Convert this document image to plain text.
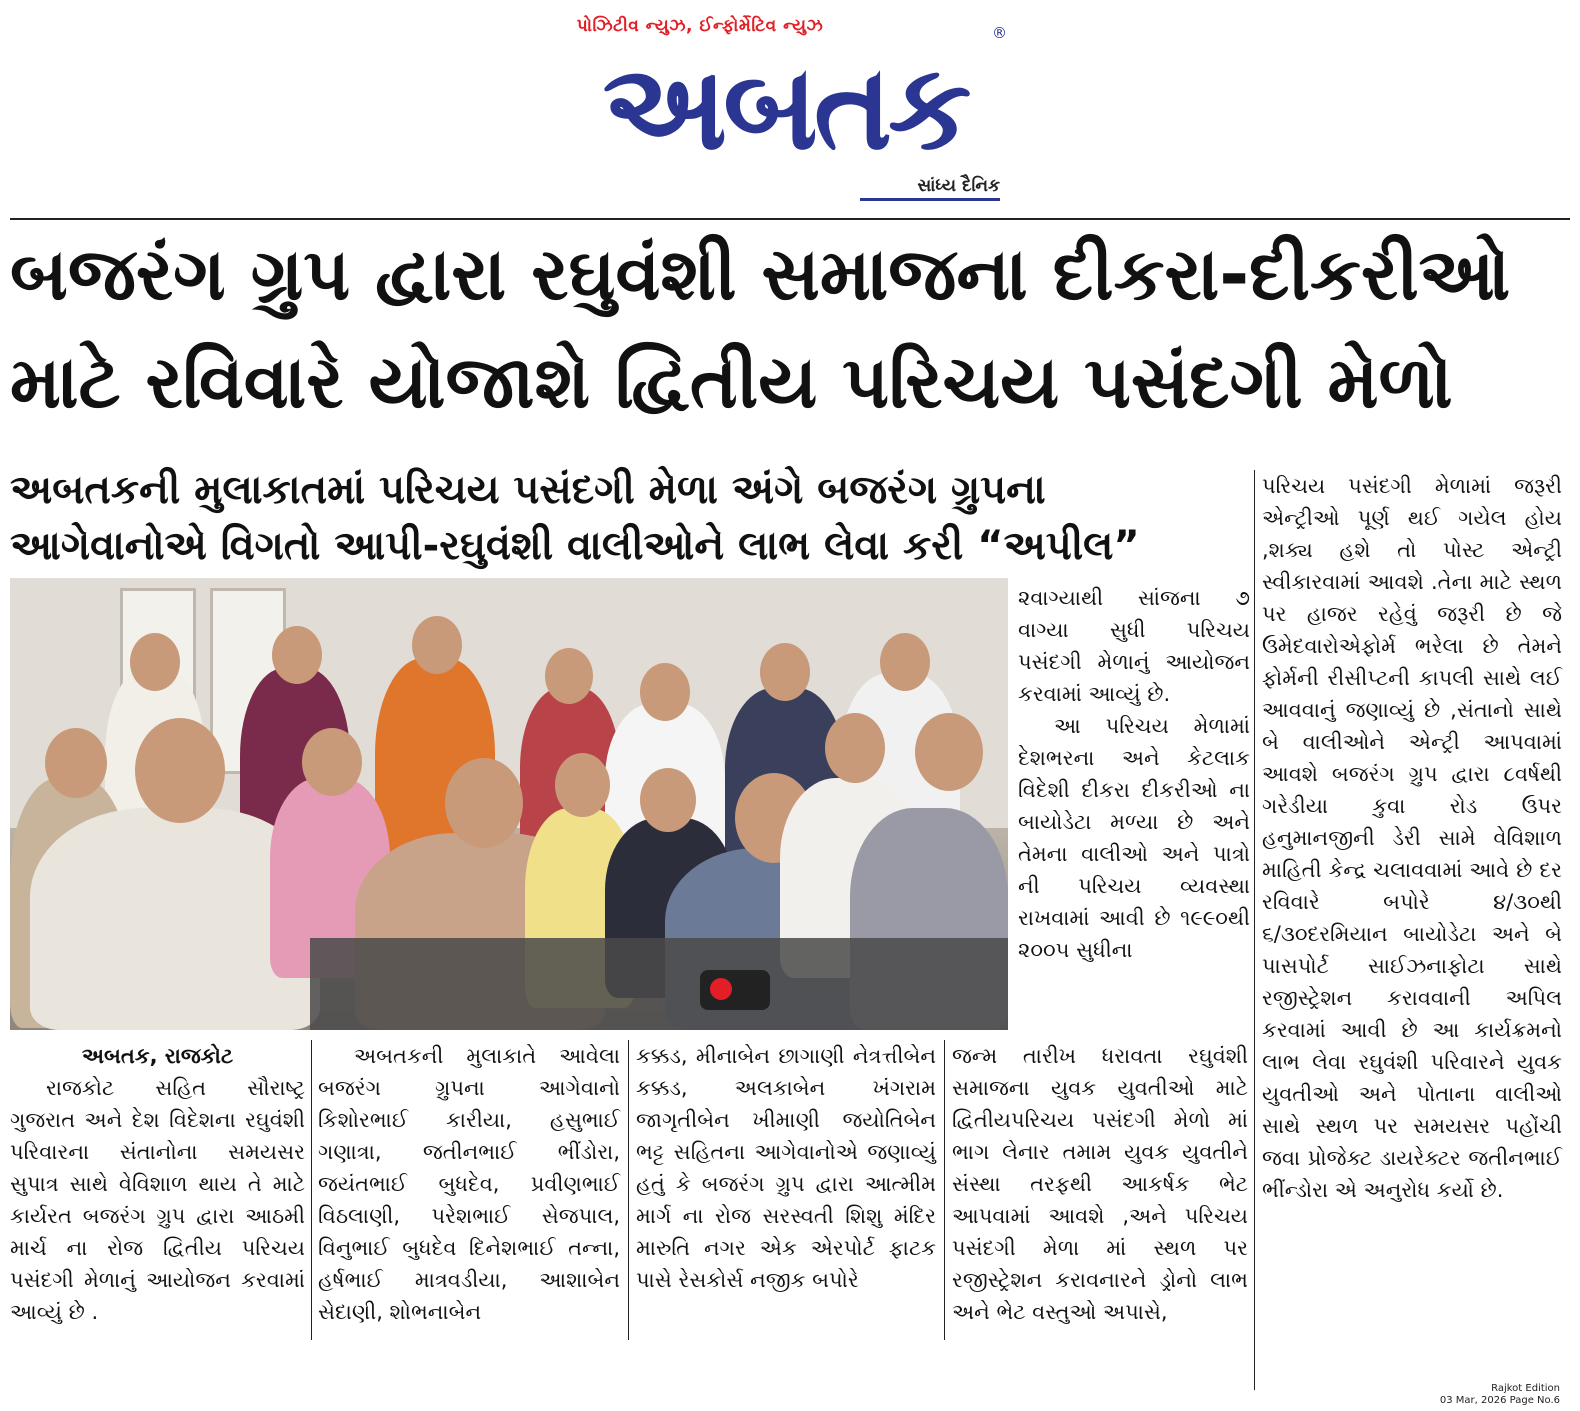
પોઝિટીવ ન્યુઝ, ઈન્ફોર્મેટિવ ન્યુઝ
અબતક
®
સાંધ્ય દૈનિક
બજરંગ ગ્રુપ દ્વારા રઘુવંશી સમાજના દીકરા-દીકરીઓ
માટે રવિવારે યોજાશે દ્વિતીય પરિચય પસંદગી મેળો
અબતકની મુલાકાતમાં પરિચય પસંદગી મેળા અંગે બજરંગ ગ્રુપના
આગેવાનોએ વિગતો આપી-રઘુવંશી વાલીઓને લાભ લેવા કરી “અપીલ”

૨વાગ્યાથી સાંજના ૭ વાગ્યા સુધી પરિચય પસંદગી મેળાનું આયોજન કરવામાં આવ્યું છે.

આ પરિચય મેળામાં દેશભરના અને કેટલાક વિદેશી દીકરા દીકરીઓ ના બાયોડેટા મળ્યા છે અને તેમના વાલીઓ અને પાત્રો ની પરિચય વ્યવસ્થા રાખવામાં આવી છે ૧૯૯૦થી ૨૦૦૫ સુધીના

પરિચય પસંદગી મેળામાં જરૂરી એન્ટ્રીઓ પૂર્ણ થઈ ગયેલ હોય ,શક્ય હશે તો પોસ્ટ એન્ટ્રી સ્વીકારવામાં આવશે .તેના માટે સ્થળ પર હાજર રહેવું જરૂરી છે જે ઉમેદવારોએફોર્મ ભરેલા છે તેમને ફોર્મની રીસીપ્ટની કાપલી સાથે લઈ આવવાનું જણાવ્યું છે ,સંતાનો સાથે બે વાલીઓને એન્ટ્રી આપવામાં આવશે બજરંગ ગ્રુપ દ્વારા ૮વર્ષથી ગરેડીયા કુવા રોડ ઉપર હનુમાનજીની ડેરી સામે વેવિશાળ માહિતી કેન્દ્ર ચલાવવામાં આવે છે દર રવિવારે બપોરે ૪/૩૦થી ૬/૩૦દરમિયાન બાયોડેટા અને બે પાસપોર્ટ સાઈઝનાફોટા સાથે રજીસ્ટ્રેશન કરાવવાની અપિલ કરવામાં આવી છે આ કાર્યક્રમનો લાભ લેવા રઘુવંશી પરિવારને યુવક યુવતીઓ અને પોતાના વાલીઓ સાથે સ્થળ પર સમયસર પહોંચી જવા પ્રોજેક્ટ ડાયરેક્ટર જતીનભાઈ ભીંન્ડોરા એ અનુરોધ કર્યો છે.

અબતક, રાજકોટ

રાજકોટ સહિત સૌરાષ્ટ્ર ગુજરાત અને દેશ વિદેશના રઘુવંશી પરિવારના સંતાનોના સમયસર સુપાત્ર સાથે વેવિશાળ થાય તે માટે કાર્યરત બજરંગ ગ્રુપ દ્વારા આઠમી માર્ચ ના રોજ દ્વિતીય પરિચય પસંદગી મેળાનું આયોજન કરવામાં આવ્યું છે .

અબતકની મુલાકાતે આવેલા બજરંગ ગ્રુપના આગેવાનો કિશોરભાઈ કારીયા, હસુભાઈ ગણાત્રા, જતીનભાઈ ભીંડોરા, જયંતભાઈ બુધદેવ, પ્રવીણભાઈ વિઠલાણી, પરેશભાઈ સેજપાલ, વિનુભાઈ બુધદેવ દિનેશભાઈ તન્ના, હર્ષભાઈ માત્રવડીયા, આશાબેન સેદાણી, શોભનાબેન

કક્કડ, મીનાબેન છાગાણી નેત્રત્તીબેન કક્કડ, અલકાબેન ખંગરામ જાગૃતીબેન ખીમાણી જયોતિબેન ભટ્ટ સહિતના આગેવાનોએ જણાવ્યું હતું કે બજરંગ ગ્રુપ દ્વારા આત્મીમ માર્ગ ના રોજ સરસ્વતી શિશુ મંદિર મારુતિ નગર એક એરપોર્ટ ફાટક પાસે રેસકોર્સ નજીક બપોરે

જન્મ તારીખ ધરાવતા રઘુવંશી સમાજના યુવક યુવતીઓ માટે દ્વિતીયપરિચય પસંદગી મેળો માં ભાગ લેનાર તમામ યુવક યુવતીને સંસ્થા તરફથી આકર્ષક ભેટ આપવામાં આવશે ,અને પરિચય પસંદગી મેળા માં સ્થળ પર રજીસ્ટ્રેશન કરાવનારને ડ્રોનો લાભ અને ભેટ વસ્તુઓ અપાસે,

Rajkot Edition
03 Mar, 2026 Page No.6
